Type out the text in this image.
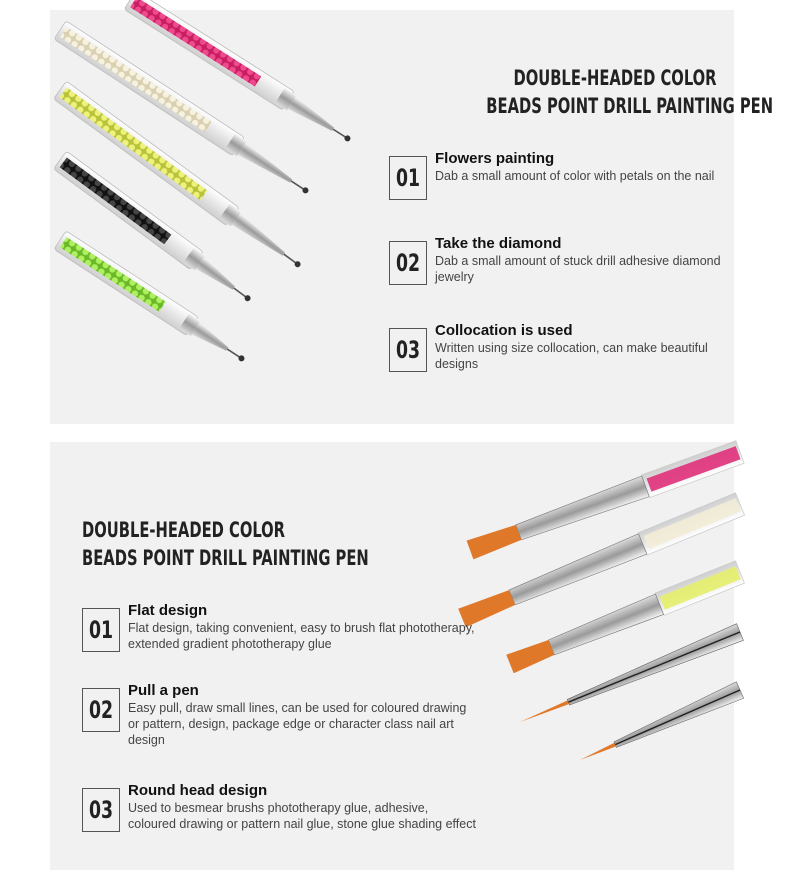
DOUBLE-HEADED COLOR
BEADS POINT DRILL PAINTING PEN
01
Flowers painting
Dab a small amount of color with petals on the nail
02
Take the diamond
Dab a small amount of stuck drill adhesive diamond jewelry
03
Collocation is used
Written using size collocation, can make beautiful designs
DOUBLE-HEADED COLOR
BEADS POINT DRILL PAINTING PEN
01
Flat design
Flat design, taking convenient, easy to brush flat phototherapy, extended gradient phototherapy glue
02
Pull a pen
Easy pull, draw small lines, can be used for coloured drawing or pattern, design, package edge or character class nail art design
03
Round head design
Used to besmear brushs phototherapy glue, adhesive, coloured drawing or pattern nail glue, stone glue shading effect
